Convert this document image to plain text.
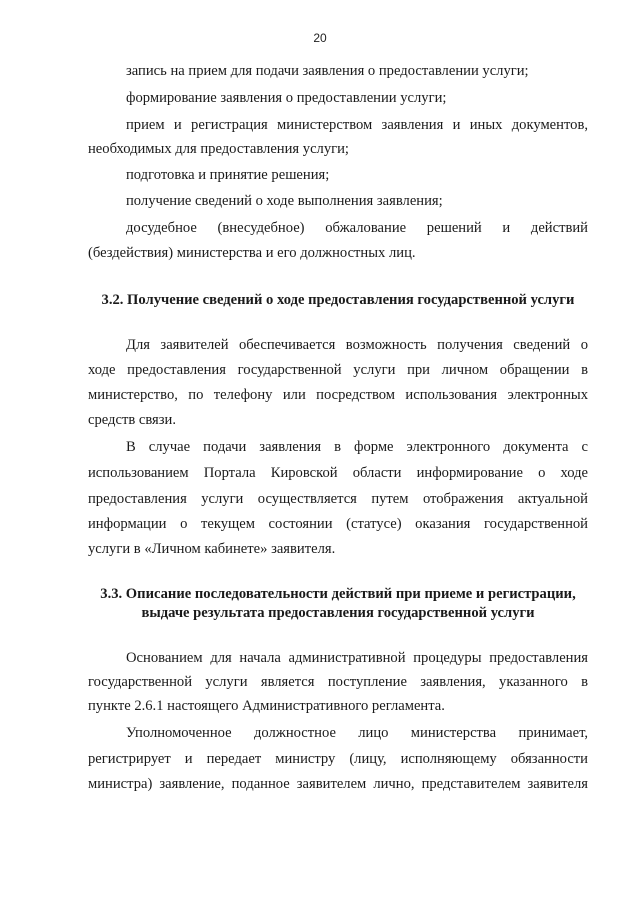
20
запись на прием для подачи заявления о предоставлении услуги;
формирование заявления о предоставлении услуги;
прием и регистрация министерством заявления и иных документов,
необходимых для предоставления услуги;
подготовка и принятие решения;
получение сведений о ходе выполнения заявления;
досудебное (внесудебное) обжалование решений и действий
(бездействия) министерства и его должностных лиц.
3.2. Получение сведений о ходе предоставления государственной услуги
Для заявителей обеспечивается возможность получения сведений о
ходе предоставления государственной услуги при личном обращении в
министерство, по телефону или посредством использования электронных
средств связи.
В случае подачи заявления в форме электронного документа с
использованием Портала Кировской области информирование о ходе
предоставления услуги осуществляется путем отображения актуальной
информации о текущем состоянии (статусе) оказания государственной
услуги в «Личном кабинете» заявителя.
3.3. Описание последовательности действий при приеме и регистрации,
выдаче результата предоставления государственной услуги
Основанием для начала административной процедуры предоставления
государственной услуги является поступление заявления, указанного в
пункте 2.6.1 настоящего Административного регламента.
Уполномоченное должностное лицо министерства принимает,
регистрирует и передает министру (лицу, исполняющему обязанности
министра) заявление, поданное заявителем лично, представителем заявителя
